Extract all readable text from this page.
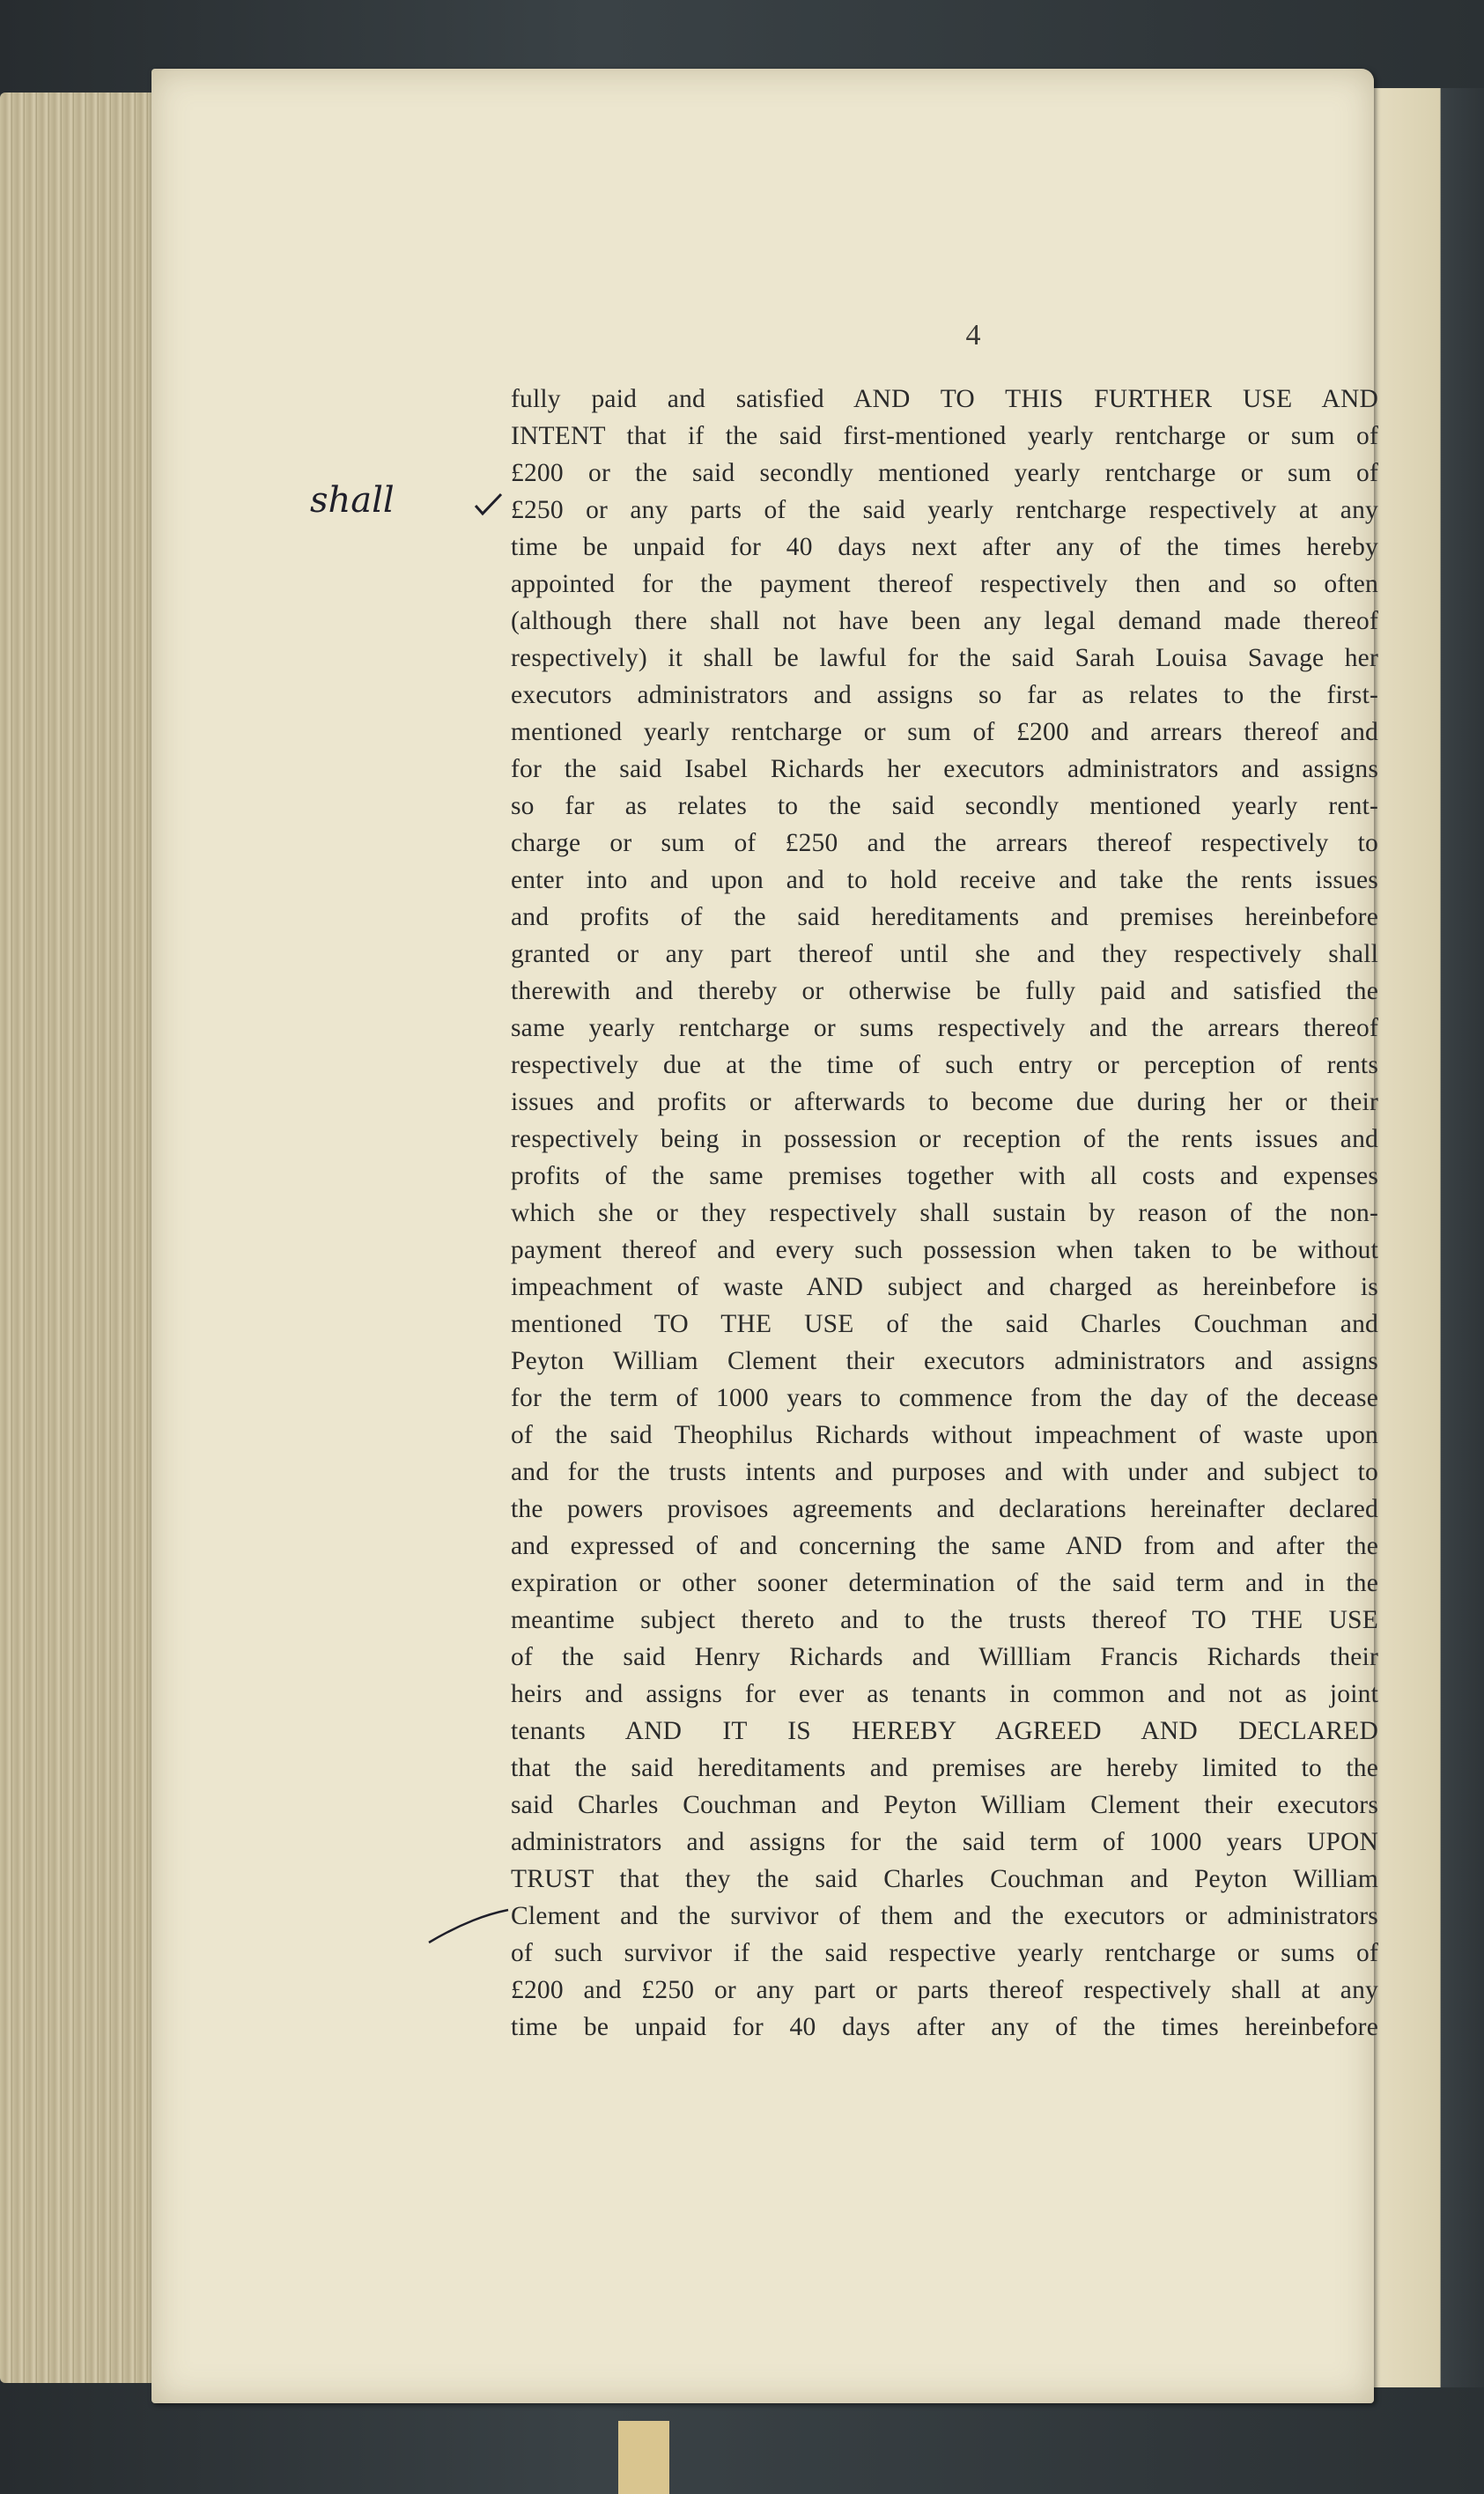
4
shall
fully paid and satisfied AND TO THIS FURTHER USE AND
INTENT that if the said first-mentioned yearly rentcharge or sum of
£200 or the said secondly mentioned yearly rentcharge or sum of
£250 or any parts of the said yearly rentcharge respectively at any
time be unpaid for 40 days next after any of the times hereby
appointed for the payment thereof respectively then and so often
(although there shall not have been any legal demand made thereof
respectively) it shall be lawful for the said Sarah Louisa Savage her
executors administrators and assigns so far as relates to the first-
mentioned yearly rentcharge or sum of £200 and arrears thereof and
for the said Isabel Richards her executors administrators and assigns
so far as relates to the said secondly mentioned yearly rent-
charge or sum of £250 and the arrears thereof respectively to
enter into and upon and to hold receive and take the rents issues
and profits of the said hereditaments and premises hereinbefore
granted or any part thereof until she and they respectively shall
therewith and thereby or otherwise be fully paid and satisfied the
same yearly rentcharge or sums respectively and the arrears thereof
respectively due at the time of such entry or perception of rents
issues and profits or afterwards to become due during her or their
respectively being in possession or reception of the rents issues and
profits of the same premises together with all costs and expenses
which she or they respectively shall sustain by reason of the non-
payment thereof and every such possession when taken to be without
impeachment of waste AND subject and charged as hereinbefore is
mentioned TO THE USE of the said Charles Couchman and
Peyton William Clement their executors administrators and assigns
for the term of 1000 years to commence from the day of the decease
of the said Theophilus Richards without impeachment of waste upon
and for the trusts intents and purposes and with under and subject to
the powers provisoes agreements and declarations hereinafter declared
and expressed of and concerning the same AND from and after the
expiration or other sooner determination of the said term and in the
meantime subject thereto and to the trusts thereof TO THE USE
of the said Henry Richards and Willliam Francis Richards their
heirs and assigns for ever as tenants in common and not as joint
tenants AND IT IS HEREBY AGREED AND DECLARED
that the said hereditaments and premises are hereby limited to the
said Charles Couchman and Peyton William Clement their executors
administrators and assigns for the said term of 1000 years UPON
TRUST that they the said Charles Couchman and Peyton William
Clement and the survivor of them and the executors or administrators
of such survivor if the said respective yearly rentcharge or sums of
£200 and £250 or any part or parts thereof respectively shall at any
time be unpaid for 40 days after any of the times hereinbefore
